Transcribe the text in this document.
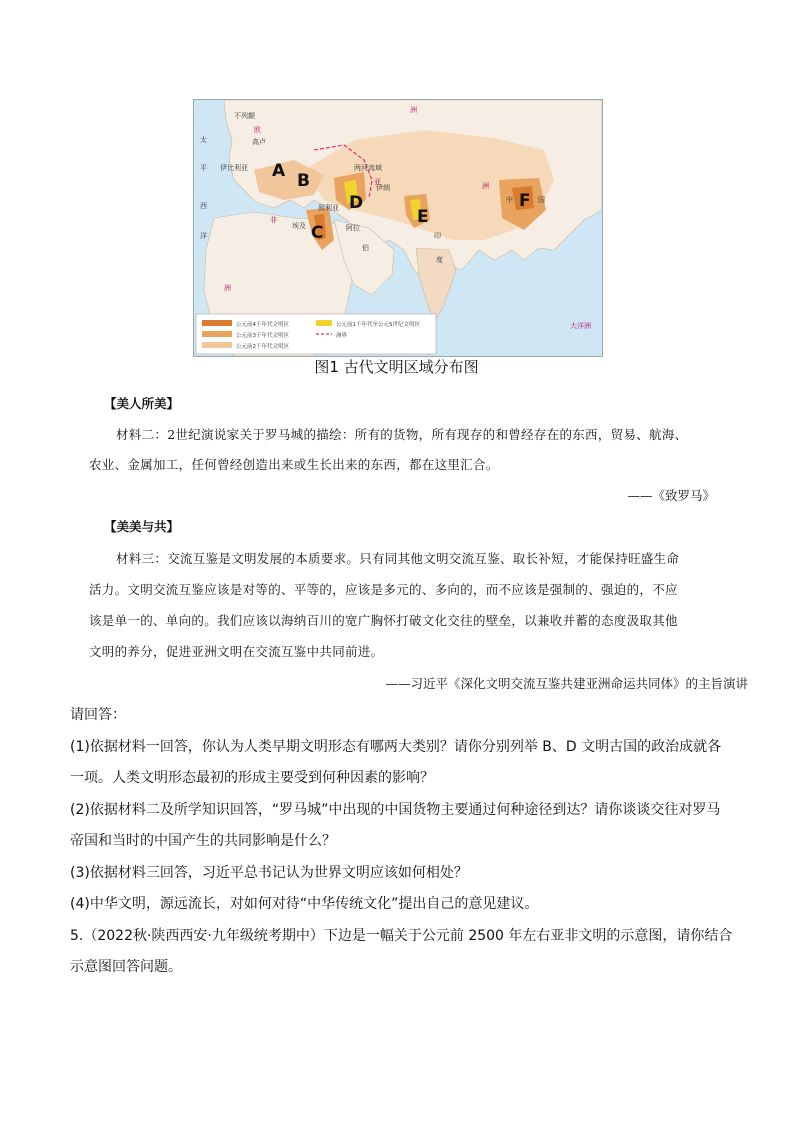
A B
C
D
E
F
不列颠
高卢
伊比利亚
叙利亚
两河流域
伊朗
阿拉
伯
印
度
中	国
埃及
欧
洲
亚	洲
非
洲
太
平
西
洋
大洋洲
公元前4千年代文明区
公元前3千年代文明区
公元前2千年代文明区
公元前1千年代至公元5世纪文明区
洲界
图1 古代文明区域分布图
【美人所美】
材料二：2世纪演说家关于罗马城的描绘：所有的货物，所有现存的和曾经存在的东西，贸易、航海、
农业、金属加工，任何曾经创造出来或生长出来的东西，都在这里汇合。
——《致罗马》
【美美与共】
材料三：交流互鉴是文明发展的本质要求。只有同其他文明交流互鉴、取长补短，才能保持旺盛生命
活力。文明交流互鉴应该是对等的、平等的，应该是多元的、多向的，而不应该是强制的、强迫的，不应
该是单一的、单向的。我们应该以海纳百川的宽广胸怀打破文化交往的壁垒，以兼收并蓄的态度汲取其他
文明的养分，促进亚洲文明在交流互鉴中共同前进。
——习近平《深化文明交流互鉴共建亚洲命运共同体》的主旨演讲
请回答：
(1)依据材料一回答，你认为人类早期文明形态有哪两大类别？请你分别列举 B、D 文明古国的政治成就各
一项。人类文明形态最初的形成主要受到何种因素的影响？
(2)依据材料二及所学知识回答，“罗马城”中出现的中国货物主要通过何种途径到达？请你谈谈交往对罗马
帝国和当时的中国产生的共同影响是什么？
(3)依据材料三回答，习近平总书记认为世界文明应该如何相处？
(4)中华文明，源远流长，对如何对待“中华传统文化”提出自己的意见建议。
5.（2022秋·陕西西安·九年级统考期中）下边是一幅关于公元前 2500 年左右亚非文明的示意图，请你结合
示意图回答问题。
